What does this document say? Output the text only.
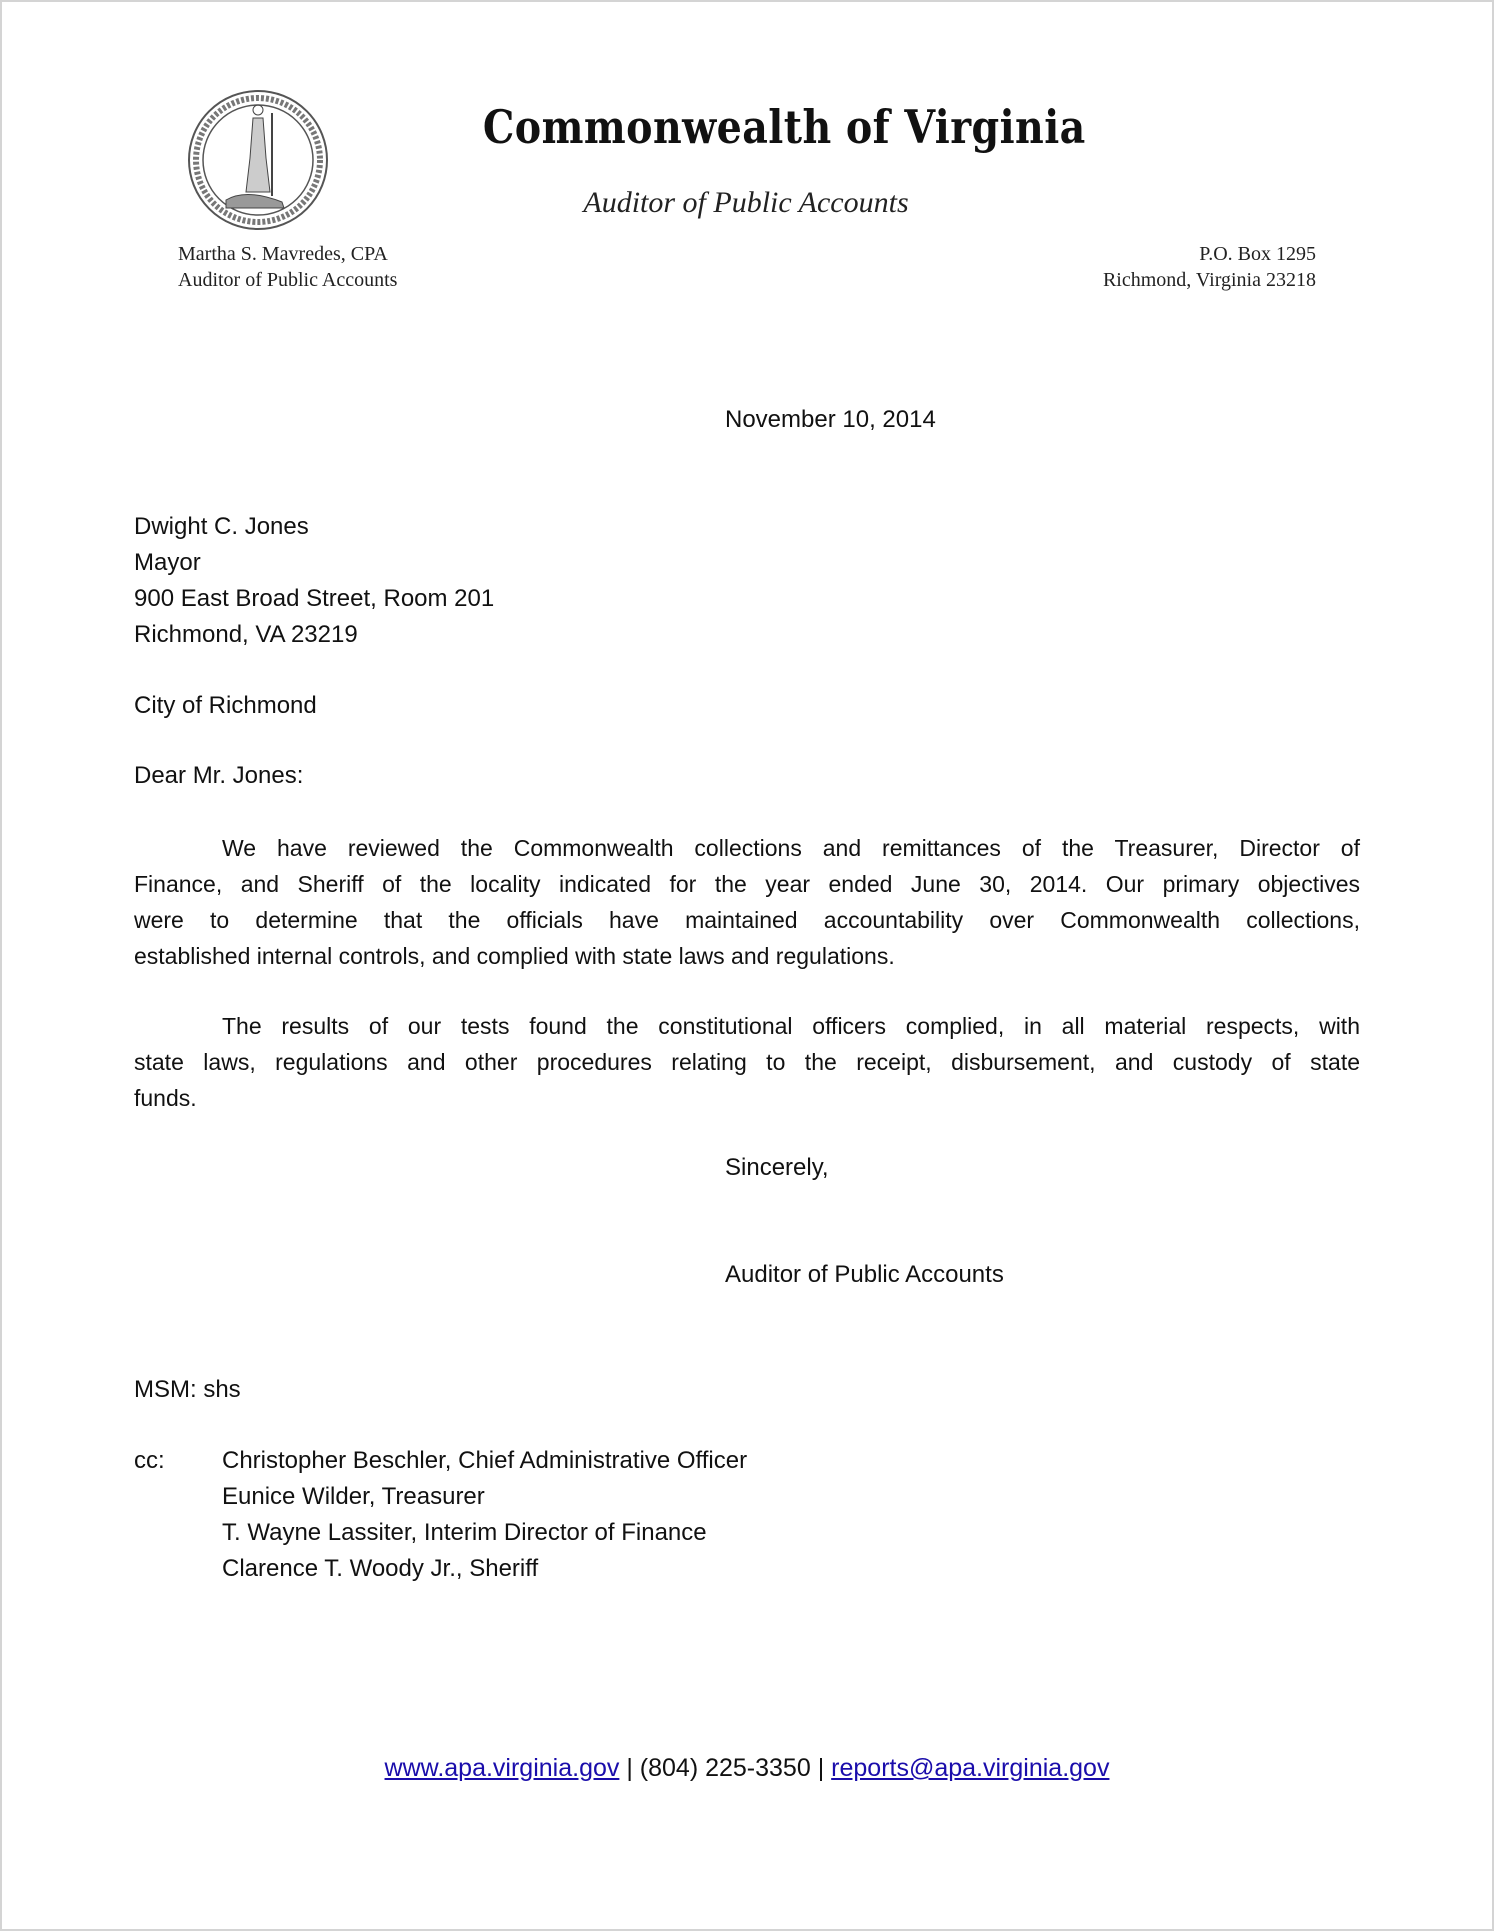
Commonwealth of Virginia
Auditor of Public Accounts
Martha S. Mavredes, CPA
Auditor of Public Accounts
P.O. Box 1295
Richmond, Virginia 23218
November 10, 2014
Dwight C. Jones
Mayor
900 East Broad Street, Room 201
Richmond, VA 23219
City of Richmond
Dear Mr. Jones:
We have reviewed the Commonwealth collections and remittances of the Treasurer, Director of
Finance, and Sheriff of the locality indicated for the year ended June 30, 2014. Our primary objectives
were to determine that the officials have maintained accountability over Commonwealth collections,
established internal controls, and complied with state laws and regulations.
The results of our tests found the constitutional officers complied, in all material respects, with
state laws, regulations and other procedures relating to the receipt, disbursement, and custody of state
funds.
Sincerely,
Auditor of Public Accounts
MSM: shs
cc: Christopher Beschler, Chief Administrative Officer
Eunice Wilder, Treasurer
T. Wayne Lassiter, Interim Director of Finance
Clarence T. Woody Jr., Sheriff
www.apa.virginia.gov | (804) 225-3350 | reports@apa.virginia.gov
